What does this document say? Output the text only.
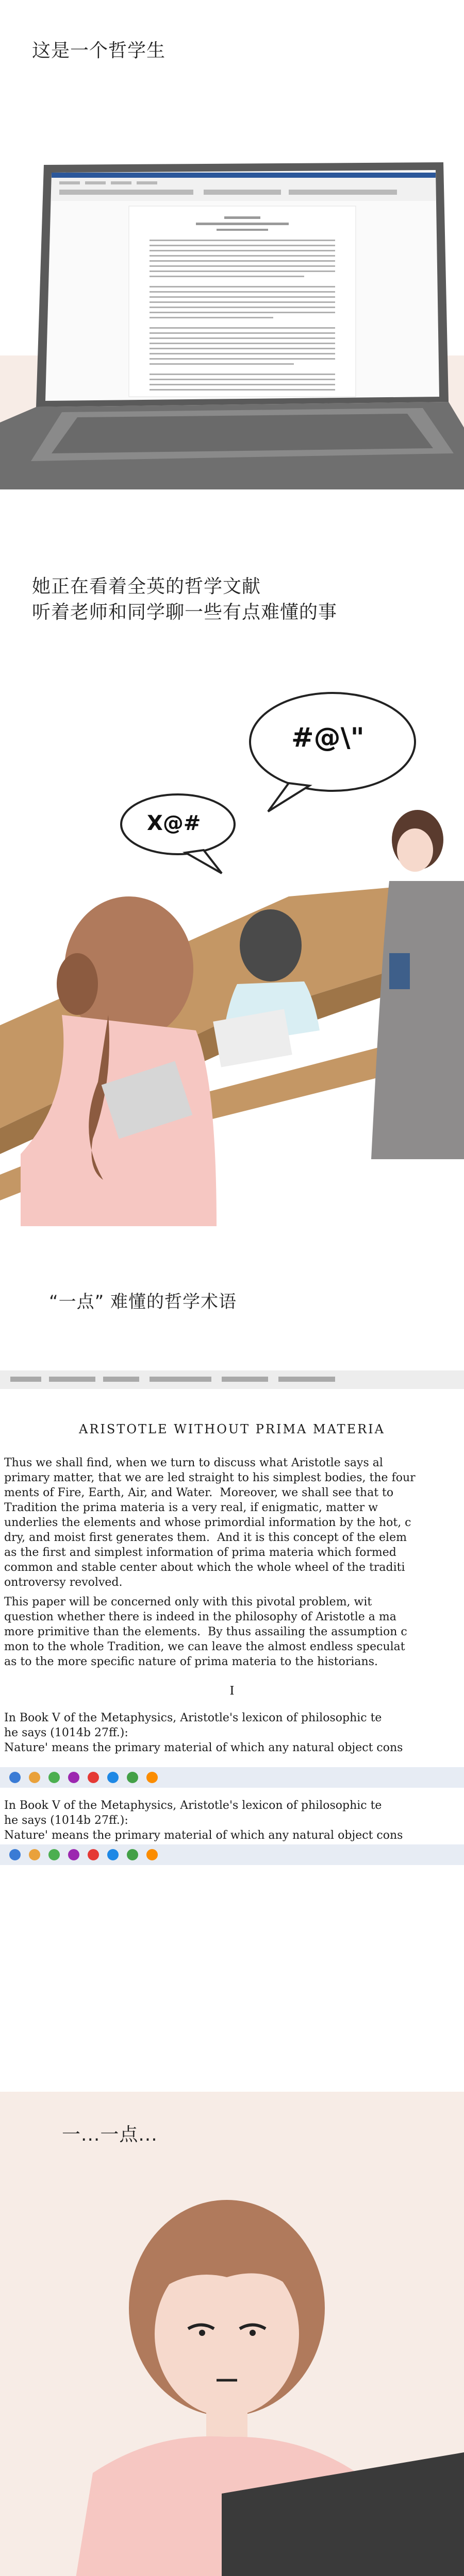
这是一个哲学生

她正在看着全英的哲学文献

听着老师和同学聊一些有点难懂的事

#@\"
X@#

“一点” 难懂的哲学术语

ARISTOTLE WITHOUT PRIMA MATERIA

Thus we shall find, when we turn to discuss what Aristotle says al
primary matter, that we are led straight to his simplest bodies, the four
ments of Fire, Earth, Air, and Water.  Moreover, we shall see that to
Tradition the prima materia is a very real, if enigmatic, matter w
underlies the elements and whose primordial information by the hot, c
dry, and moist first generates them.  And it is this concept of the elem
as the first and simplest information of prima materia which formed
common and stable center about which the whole wheel of the traditi
ontroversy revolved.

This paper will be concerned only with this pivotal problem, wit
question whether there is indeed in the philosophy of Aristotle a ma
more primitive than the elements.  By thus assailing the assumption c
mon to the whole Tradition, we can leave the almost endless speculat
as to the more specific nature of prima materia to the historians.

I

In Book V of the Metaphysics, Aristotle's lexicon of philosophic te
he says (1014b 27ff.):
Nature' means the primary material of which any natural object cons

In Book V of the Metaphysics, Aristotle's lexicon of philosophic te
he says (1014b 27ff.):
Nature' means the primary material of which any natural object cons

一...一点...
